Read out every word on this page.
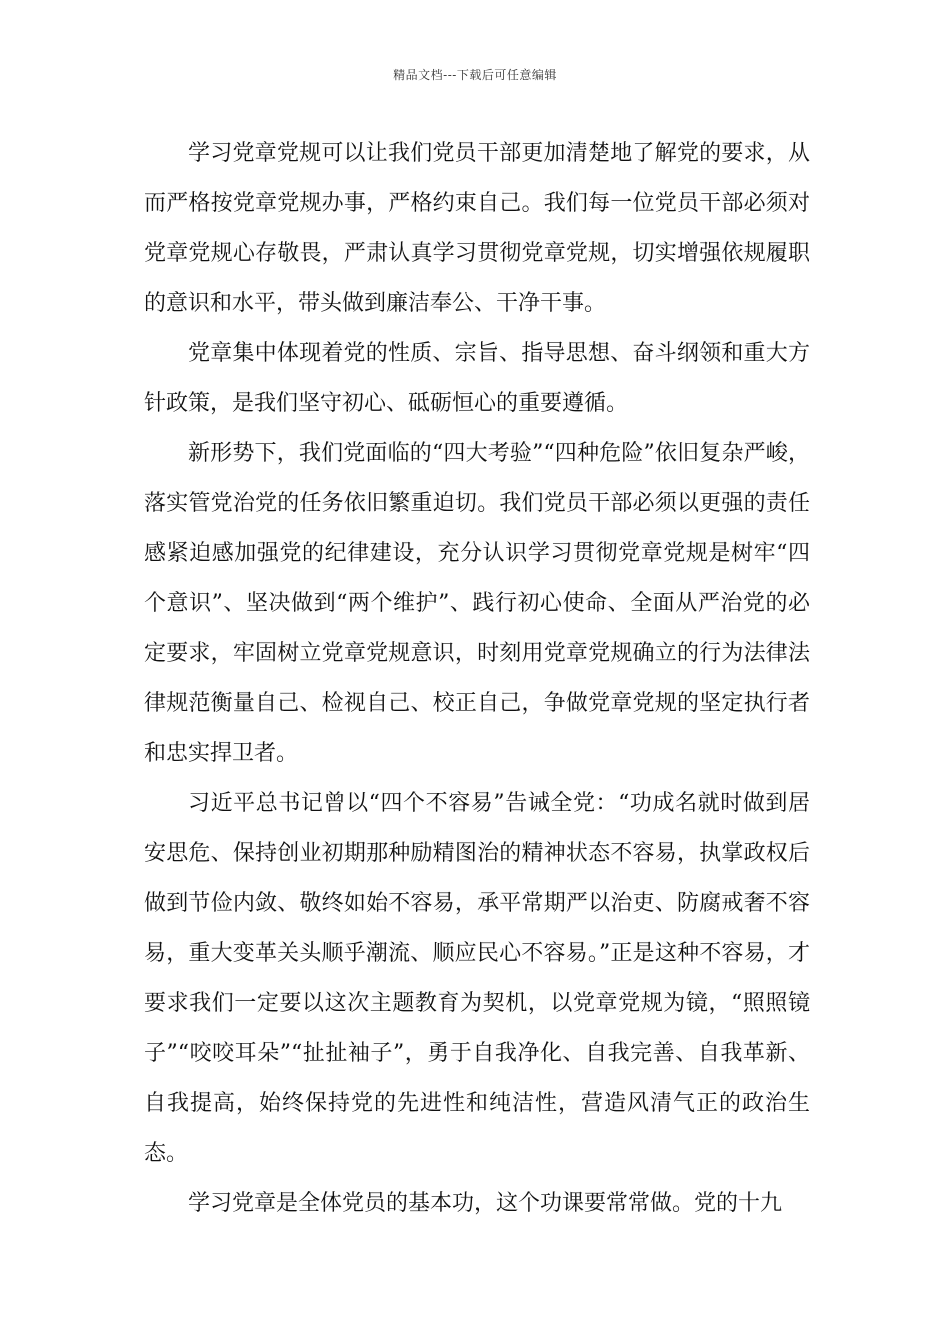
精品文档---下载后可任意编辑

学习党章党规可以让我们党员干部更加清楚地了解党的要求，从而严格按党章党规办事，严格约束自己。我们每一位党员干部必须对党章党规心存敬畏，严肃认真学习贯彻党章党规，切实增强依规履职的意识和水平，带头做到廉洁奉公、干净干事。

党章集中体现着党的性质、宗旨、指导思想、奋斗纲领和重大方针政策，是我们坚守初心、砥砺恒心的重要遵循。

新形势下，我们党面临的“四大考验”“四种危险”依旧复杂严峻，落实管党治党的任务依旧繁重迫切。我们党员干部必须以更强的责任感紧迫感加强党的纪律建设，充分认识学习贯彻党章党规是树牢“四个意识”、坚决做到“两个维护”、践行初心使命、全面从严治党的必定要求，牢固树立党章党规意识，时刻用党章党规确立的行为法律法律规范衡量自己、检视自己、校正自己，争做党章党规的坚定执行者和忠实捍卫者。

习近平总书记曾以“四个不容易”告诫全党：“功成名就时做到居安思危、保持创业初期那种励精图治的精神状态不容易，执掌政权后做到节俭内敛、敬终如始不容易，承平常期严以治吏、防腐戒奢不容易，重大变革关头顺乎潮流、顺应民心不容易。”正是这种不容易，才要求我们一定要以这次主题教育为契机，以党章党规为镜，“照照镜子”“咬咬耳朵”“扯扯袖子”，勇于自我净化、自我完善、自我革新、自我提高，始终保持党的先进性和纯洁性，营造风清气正的政治生态。

学习党章是全体党员的基本功，这个功课要常常做。党的十九
